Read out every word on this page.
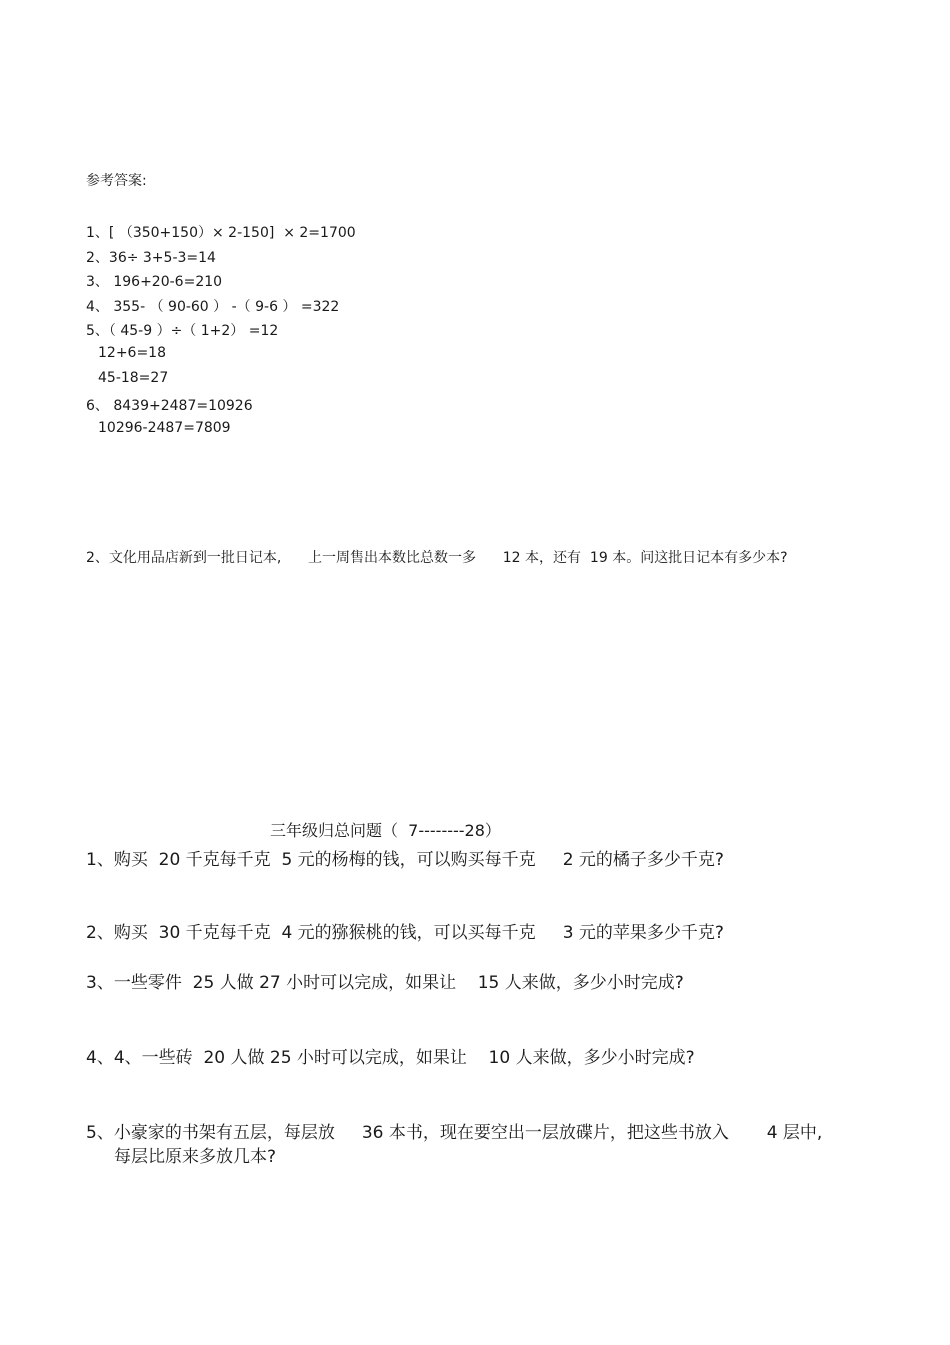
参考答案:

1、[ （350+150）× 2-150]  × 2=1700

2、36÷ 3+5-3=14

3、 196+20-6=210

4、 355- （ 90-60 ） -（ 9-6 ） =322

5、（ 45-9 ）÷（ 1+2） =12

12+6=18

45-18=27

6、 8439+2487=10926

10296-2487=7809

2、文化用品店新到一批日记本,      上一周售出本数比总数一多      12 本，还有  19 本。问这批日记本有多少本?

三年级归总问题（  7--------28）

1、购买  20 千克每千克  5 元的杨梅的钱，可以购买每千克     2 元的橘子多少千克?

2、购买  30 千克每千克  4 元的猕猴桃的钱，可以买每千克     3 元的苹果多少千克?

3、一些零件  25 人做 27 小时可以完成，如果让    15 人来做，多少小时完成?

4、4、一些砖  20 人做 25 小时可以完成，如果让    10 人来做，多少小时完成?

5、小豪家的书架有五层，每层放     36 本书，现在要空出一层放碟片，把这些书放入       4 层中,

每层比原来多放几本?
